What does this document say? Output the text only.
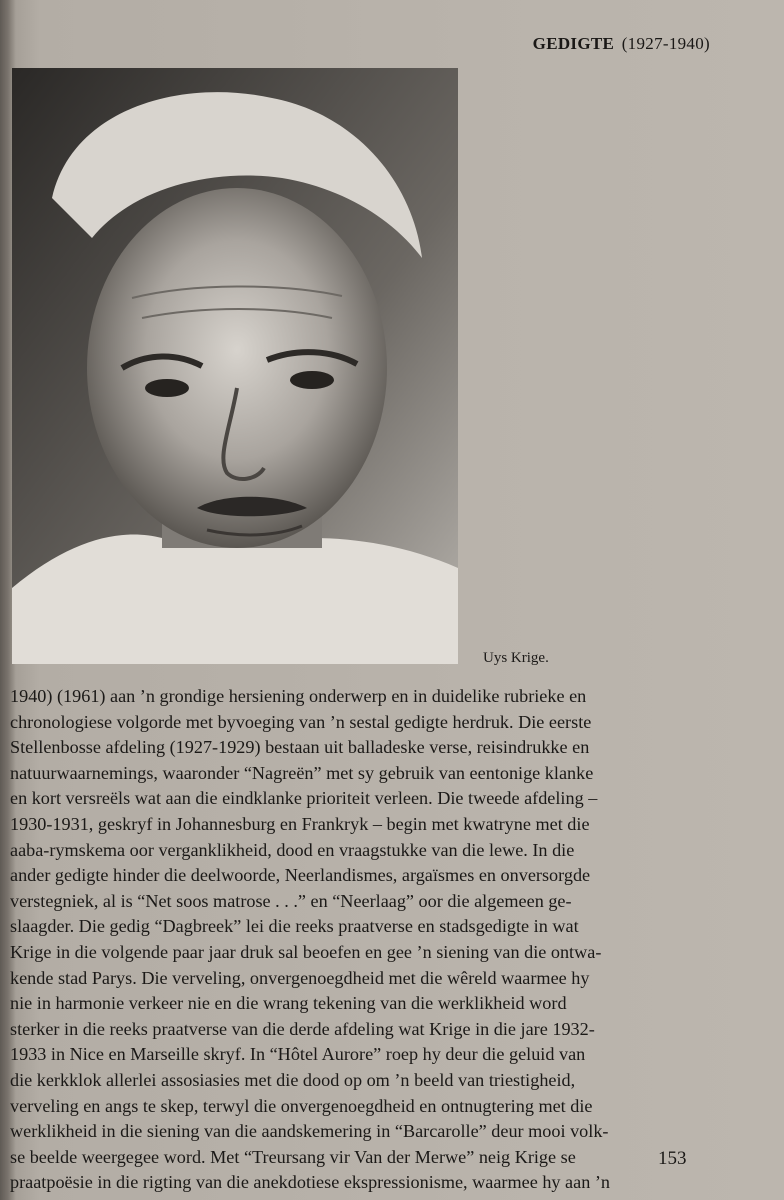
GEDIGTE (1927-1940)
Uys Krige.
1940) (1961) aan ’n grondige hersiening onderwerp en in duidelike rubrieke en
chronologiese volgorde met byvoeging van ’n sestal gedigte herdruk. Die eerste
Stellenbosse afdeling (1927-1929) bestaan uit balladeske verse, reisindrukke en
natuurwaarnemings, waaronder “Nagreën” met sy gebruik van eentonige klanke
en kort versreëls wat aan die eindklanke prioriteit verleen. Die tweede afdeling –
1930-1931, geskryf in Johannesburg en Frankryk – begin met kwatryne met die
aaba-rymskema oor verganklikheid, dood en vraagstukke van die lewe. In die
ander gedigte hinder die deelwoorde, Neerlandismes, argaïsmes en onversorgde
verstegniek, al is “Net soos matrose . . .” en “Neerlaag” oor die algemeen ge-
slaagder. Die gedig “Dagbreek” lei die reeks praatverse en stadsgedigte in wat
Krige in die volgende paar jaar druk sal beoefen en gee ’n siening van die ontwa-
kende stad Parys. Die verveling, onvergenoegdheid met die wêreld waarmee hy
nie in harmonie verkeer nie en die wrang tekening van die werklikheid word
sterker in die reeks praatverse van die derde afdeling wat Krige in die jare 1932-
1933 in Nice en Marseille skryf. In “Hôtel Aurore” roep hy deur die geluid van
die kerkklok allerlei assosiasies met die dood op om ’n beeld van triestigheid,
verveling en angs te skep, terwyl die onvergenoegdheid en ontnugtering met die
werklikheid in die siening van die aandskemering in “Barcarolle” deur mooi volk-
se beelde weergegee word. Met “Treursang vir Van der Merwe” neig Krige se
praatpoësie in die rigting van die anekdotiese ekspressionisme, waarmee hy aan ’n
153
